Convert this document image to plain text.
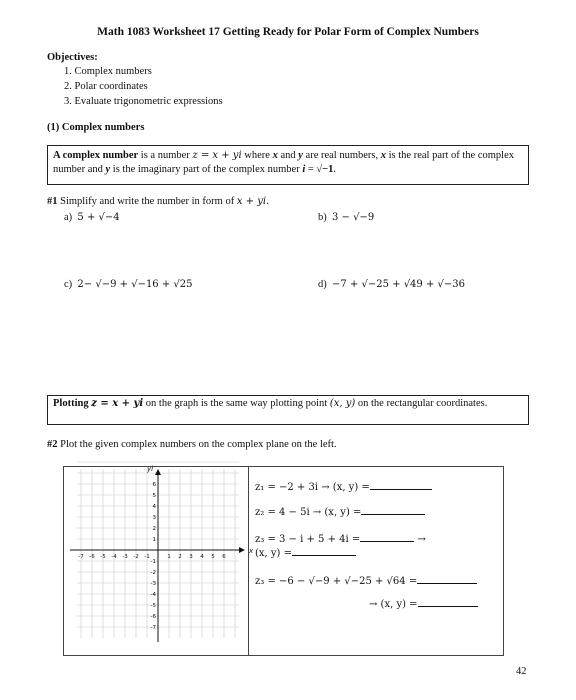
Math 1083 Worksheet 17 Getting Ready for Polar Form of Complex Numbers
Objectives:
1. Complex numbers
2. Polar coordinates
3. Evaluate trigonometric expressions
(1) Complex numbers
A complex number is a number z = x + yi where x and y are real numbers, x is the real part of the complex number and y is the imaginary part of the complex number i = √−1.
#1 Simplify and write the number in form of x + yi.
a) 5 + √−4	b) 3 − √−9
c) 2− √−9 + √−16 + √25	d) −7 + √−25 + √49 + √−36
Plotting z = x + yi on the graph is the same way plotting point (x, y) on the rectangular coordinates.
#2 Plot the given complex numbers on the complex plane on the left.
yi
x
-7 -6 -5 -4 -3 -2 -1	1 2 3 4 5 6
6
5
4
3
2
1
-1
-2
-3
-4
-5
-6
-7
z₁ = −2 + 3i → (x, y) =
z₂ = 4 − 5i → (x, y) =
z₃ = 3 − i + 5 + 4i =	→
(x, y) =
z₃ = −6 − √−9 + √−25 + √64 =
→ (x, y) =
42
